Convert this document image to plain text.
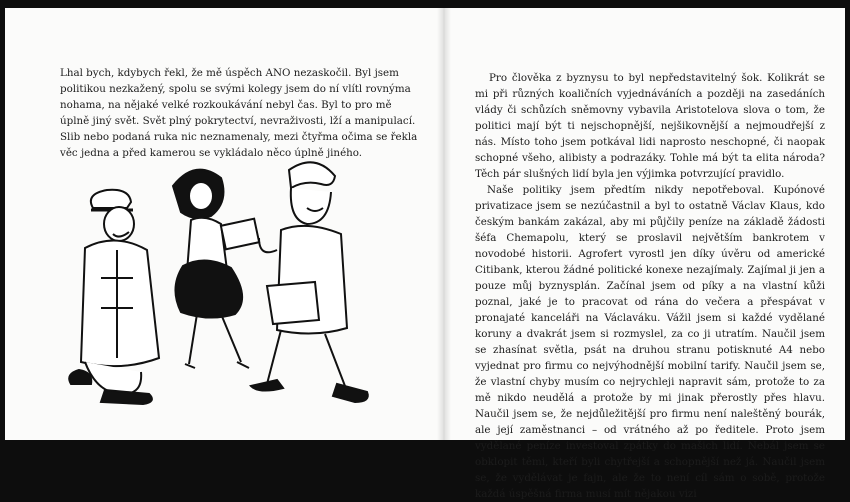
Lhal bych, kdybych řekl, že mě úspěch ANO nezaskočil. Byl jsem politikou nezkažený, spolu se svými kolegy jsem do ní vlítl rovnýma nohama, na nějaké velké rozkoukávání nebyl čas. Byl to pro mě úplně jiný svět. Svět plný pokrytectví, nevraživosti, lží a manipulací. Slib nebo podaná ruka nic neznamenaly, mezi čtyřma očima se řekla věc jedna a před kamerou se vykládalo něco úplně jiného.

Pro člověka z byznysu to byl nepředstavitelný šok. Kolikrát se mi při různých koaličních vyjednáváních a později na zasedáních vlády či schůzích sněmovny vybavila Aristotelova slova o tom, že politici mají být ti nejschopnější, nejšikovnější a nejmoudřejší z nás. Místo toho jsem potkával lidi naprosto neschopné, či naopak schopné všeho, alibisty a podrazáky. Tohle má být ta elita národa? Těch pár slušných lidí byla jen výjimka potvrzující pravidlo.
Naše politiky jsem předtím nikdy nepotřeboval. Kupónové privatizace jsem se nezúčastnil a byl to ostatně Václav Klaus, kdo českým bankám zakázal, aby mi půjčily peníze na základě žádosti šéfa Chemapolu, který se proslavil největším bankrotem v novodobé historii. Agrofert vyrostl jen díky úvěru od americké Citibank, kterou žádné politické konexe nezajímaly. Zajímal ji jen a pouze můj byznysplán. Začínal jsem od píky a na vlastní kůži poznal, jaké je to pracovat od rána do večera a přespávat v pronajaté kanceláři na Václaváku. Vážil jsem si každé vydělané koruny a dvakrát jsem si rozmyslel, za co ji utratím. Naučil jsem se zhasínat světla, psát na druhou stranu potisknuté A4 nebo vyjednat pro firmu co nejvýhodnější mobilní tarify. Naučil jsem se, že vlastní chyby musím co nejrychleji napravit sám, protože to za mě nikdo neudělá a protože by mi jinak přerostly přes hlavu. Naučil jsem se, že nejdůležitější pro firmu není naleštěný bourák, ale její zaměstnanci – od vrátného až po ředitele. Proto jsem vydělané peníze investoval zpátky do mašich lidí. Nebál jsem se obklopit těmi, kteří byli chytřejší a schopnější než já. Naučil jsem se, že vydělávat je fajn, ale že to není cíl sám o sobě, protože každá úspěšná firma musí mít nějakou vizi
